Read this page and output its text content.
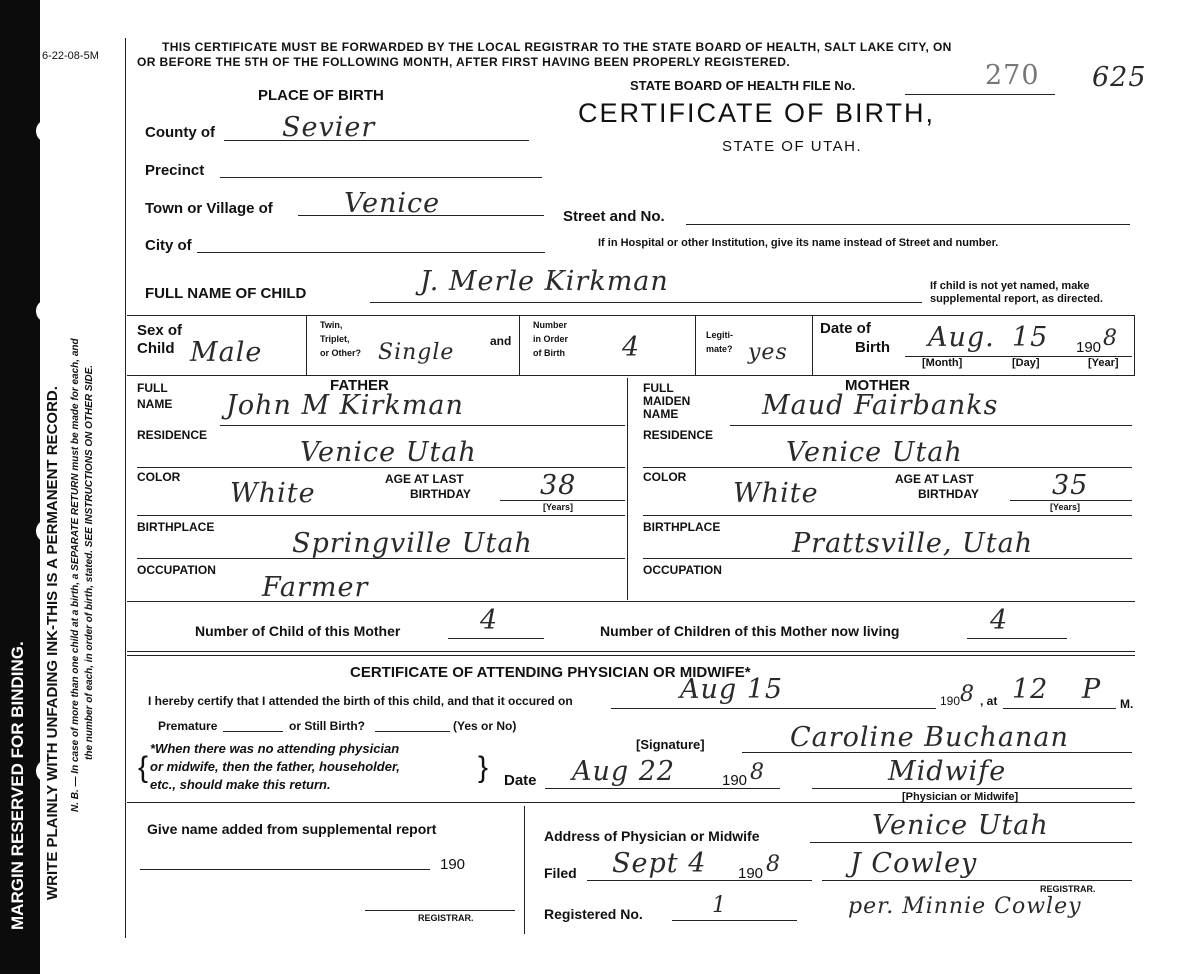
6-22-08-5M
MARGIN RESERVED FOR BINDING. WRITE PLAINLY WITH UNFADING INK-THIS IS A PERMANENT RECORD. N. B. — In case of more than one child at a birth, a SEPARATE RETURN must be made for each, and the number of each, in order of birth, stated. SEE INSTRUCTIONS ON OTHER SIDE.
THIS CERTIFICATE MUST BE FORWARDED BY THE LOCAL REGISTRAR TO THE STATE BOARD OF HEALTH, SALT LAKE CITY, ON
OR BEFORE THE 5TH OF THE FOLLOWING MONTH, AFTER FIRST HAVING BEEN PROPERLY REGISTERED.
STATE BOARD OF HEALTH FILE No.	270 625
CERTIFICATE OF BIRTH,
STATE OF UTAH.
PLACE OF BIRTH
County of Sevier
Precinct
Town or Village of	Venice
City of
Street and No.
If in Hospital or other Institution, give its name instead of Street and number.
FULL NAME OF CHILD	J. Merle Kirkman	If child is not yet named, make
supplemental report, as directed.
Sex of
Child Male
Twin,
Triplet,
or Other? Single	and
Number
in Order
of Birth 4	Legiti-
mate? yes
Date of
Birth Aug. 15 190 8
[Month]	[Day]	[Year]
FATHER
FULL
NAME John M Kirkman
RESIDENCE
Venice Utah
COLOR
White	AGE AT LAST
BIRTHDAY	38
[Years]
BIRTHPLACE
Springville Utah
OCCUPATION
Farmer
MOTHER
FULL
MAIDEN
NAME	Maud Fairbanks
RESIDENCE
Venice Utah
COLOR
White	AGE AT LAST
BIRTHDAY	35
[Years]
BIRTHPLACE
Prattsville, Utah
OCCUPATION
Number of Child of this Mother	4	Number of Children of this Mother now living	4
CERTIFICATE OF ATTENDING PHYSICIAN OR MIDWIFE*
I hereby certify that I attended the birth of this child, and that it occured on	Aug 15	190 8 , at 12 P M.
Premature	or Still Birth?	(Yes or No)
{
*When there was no attending physician
or midwife, then the father, householder,
etc., should make this return.
}
[Signature]	Caroline Buchanan
Date Aug 22	190 8	Midwife
[Physician or Midwife]
Give name added from supplemental report
190
REGISTRAR.
Address of Physician or Midwife	Venice Utah
Filed Sept 4 190 8	J Cowley
REGISTRAR.
per. Minnie Cowley
Registered No.	1
